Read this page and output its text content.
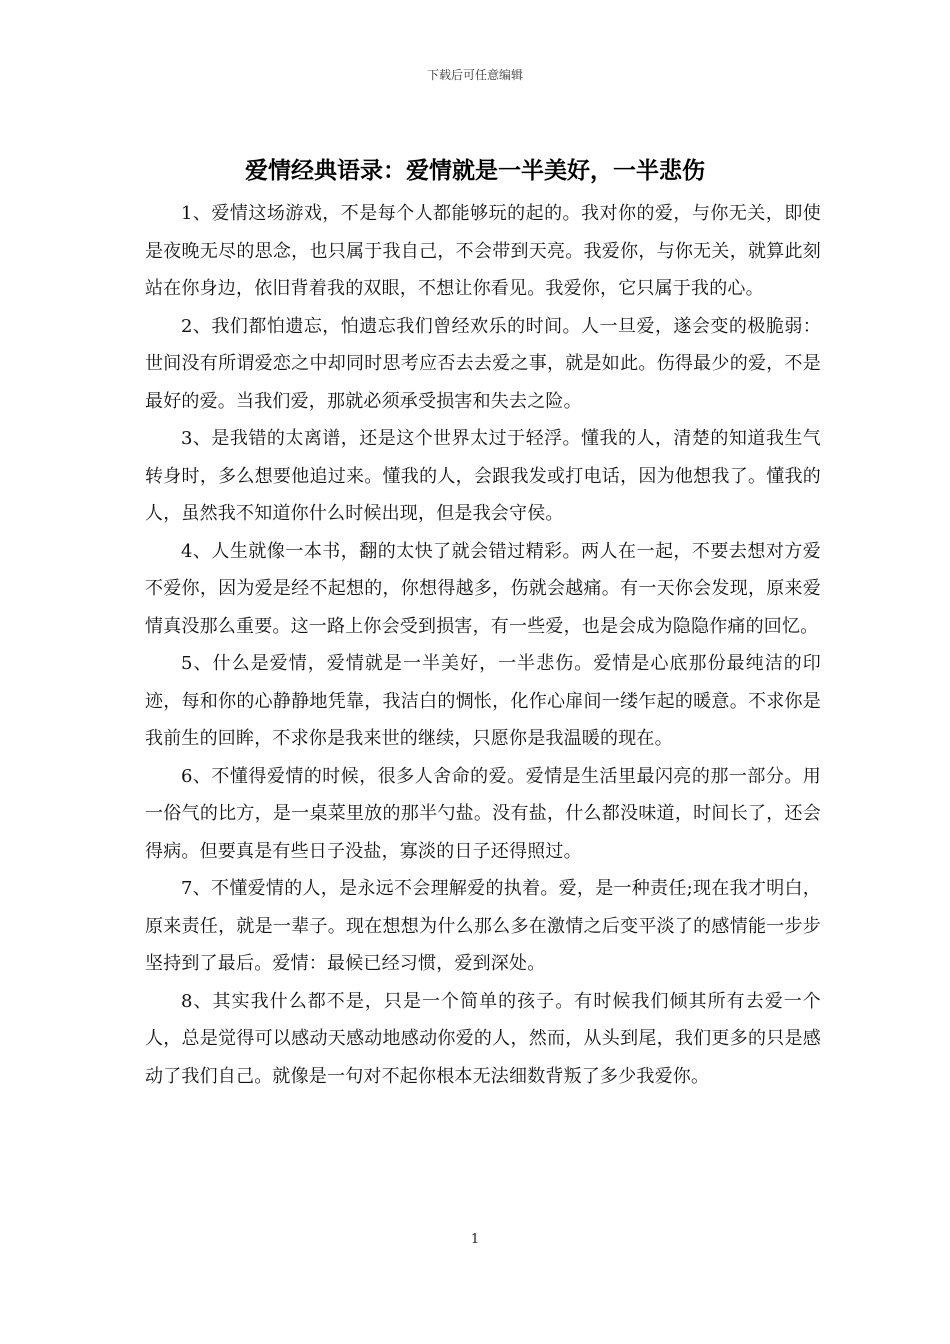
下载后可任意编辑
爱情经典语录：爱情就是一半美好，一半悲伤

1、爱情这场游戏，不是每个人都能够玩的起的。我对你的爱，与你无关，即使是夜晚无尽的思念，也只属于我自己，不会带到天亮。我爱你，与你无关，就算此刻站在你身边，依旧背着我的双眼，不想让你看见。我爱你，它只属于我的心。

2、我们都怕遗忘，怕遗忘我们曾经欢乐的时间。人一旦爱，遂会变的极脆弱：世间没有所谓爱恋之中却同时思考应否去去爱之事，就是如此。伤得最少的爱，不是最好的爱。当我们爱，那就必须承受损害和失去之险。

3、是我错的太离谱，还是这个世界太过于轻浮。懂我的人，清楚的知道我生气转身时，多么想要他追过来。懂我的人，会跟我发或打电话，因为他想我了。懂我的人，虽然我不知道你什么时候出现，但是我会守侯。

4、人生就像一本书，翻的太快了就会错过精彩。两人在一起，不要去想对方爱不爱你，因为爱是经不起想的，你想得越多，伤就会越痛。有一天你会发现，原来爱情真没那么重要。这一路上你会受到损害，有一些爱，也是会成为隐隐作痛的回忆。

5、什么是爱情，爱情就是一半美好，一半悲伤。爱情是心底那份最纯洁的印迹，每和你的心静静地凭靠，我洁白的惆怅，化作心扉间一缕乍起的暖意。不求你是我前生的回眸，不求你是我来世的继续，只愿你是我温暖的现在。

6、不懂得爱情的时候，很多人舍命的爱。爱情是生活里最闪亮的那一部分。用一俗气的比方，是一桌菜里放的那半勺盐。没有盐，什么都没味道，时间长了，还会得病。但要真是有些日子没盐，寡淡的日子还得照过。

7、不懂爱情的人，是永远不会理解爱的执着。爱，是一种责任;现在我才明白，原来责任，就是一辈子。现在想想为什么那么多在激情之后变平淡了的感情能一步步坚持到了最后。爱情：最候已经习惯，爱到深处。

8、其实我什么都不是，只是一个简单的孩子。有时候我们倾其所有去爱一个人，总是觉得可以感动天感动地感动你爱的人，然而，从头到尾，我们更多的只是感动了我们自己。就像是一句对不起你根本无法细数背叛了多少我爱你。

1
